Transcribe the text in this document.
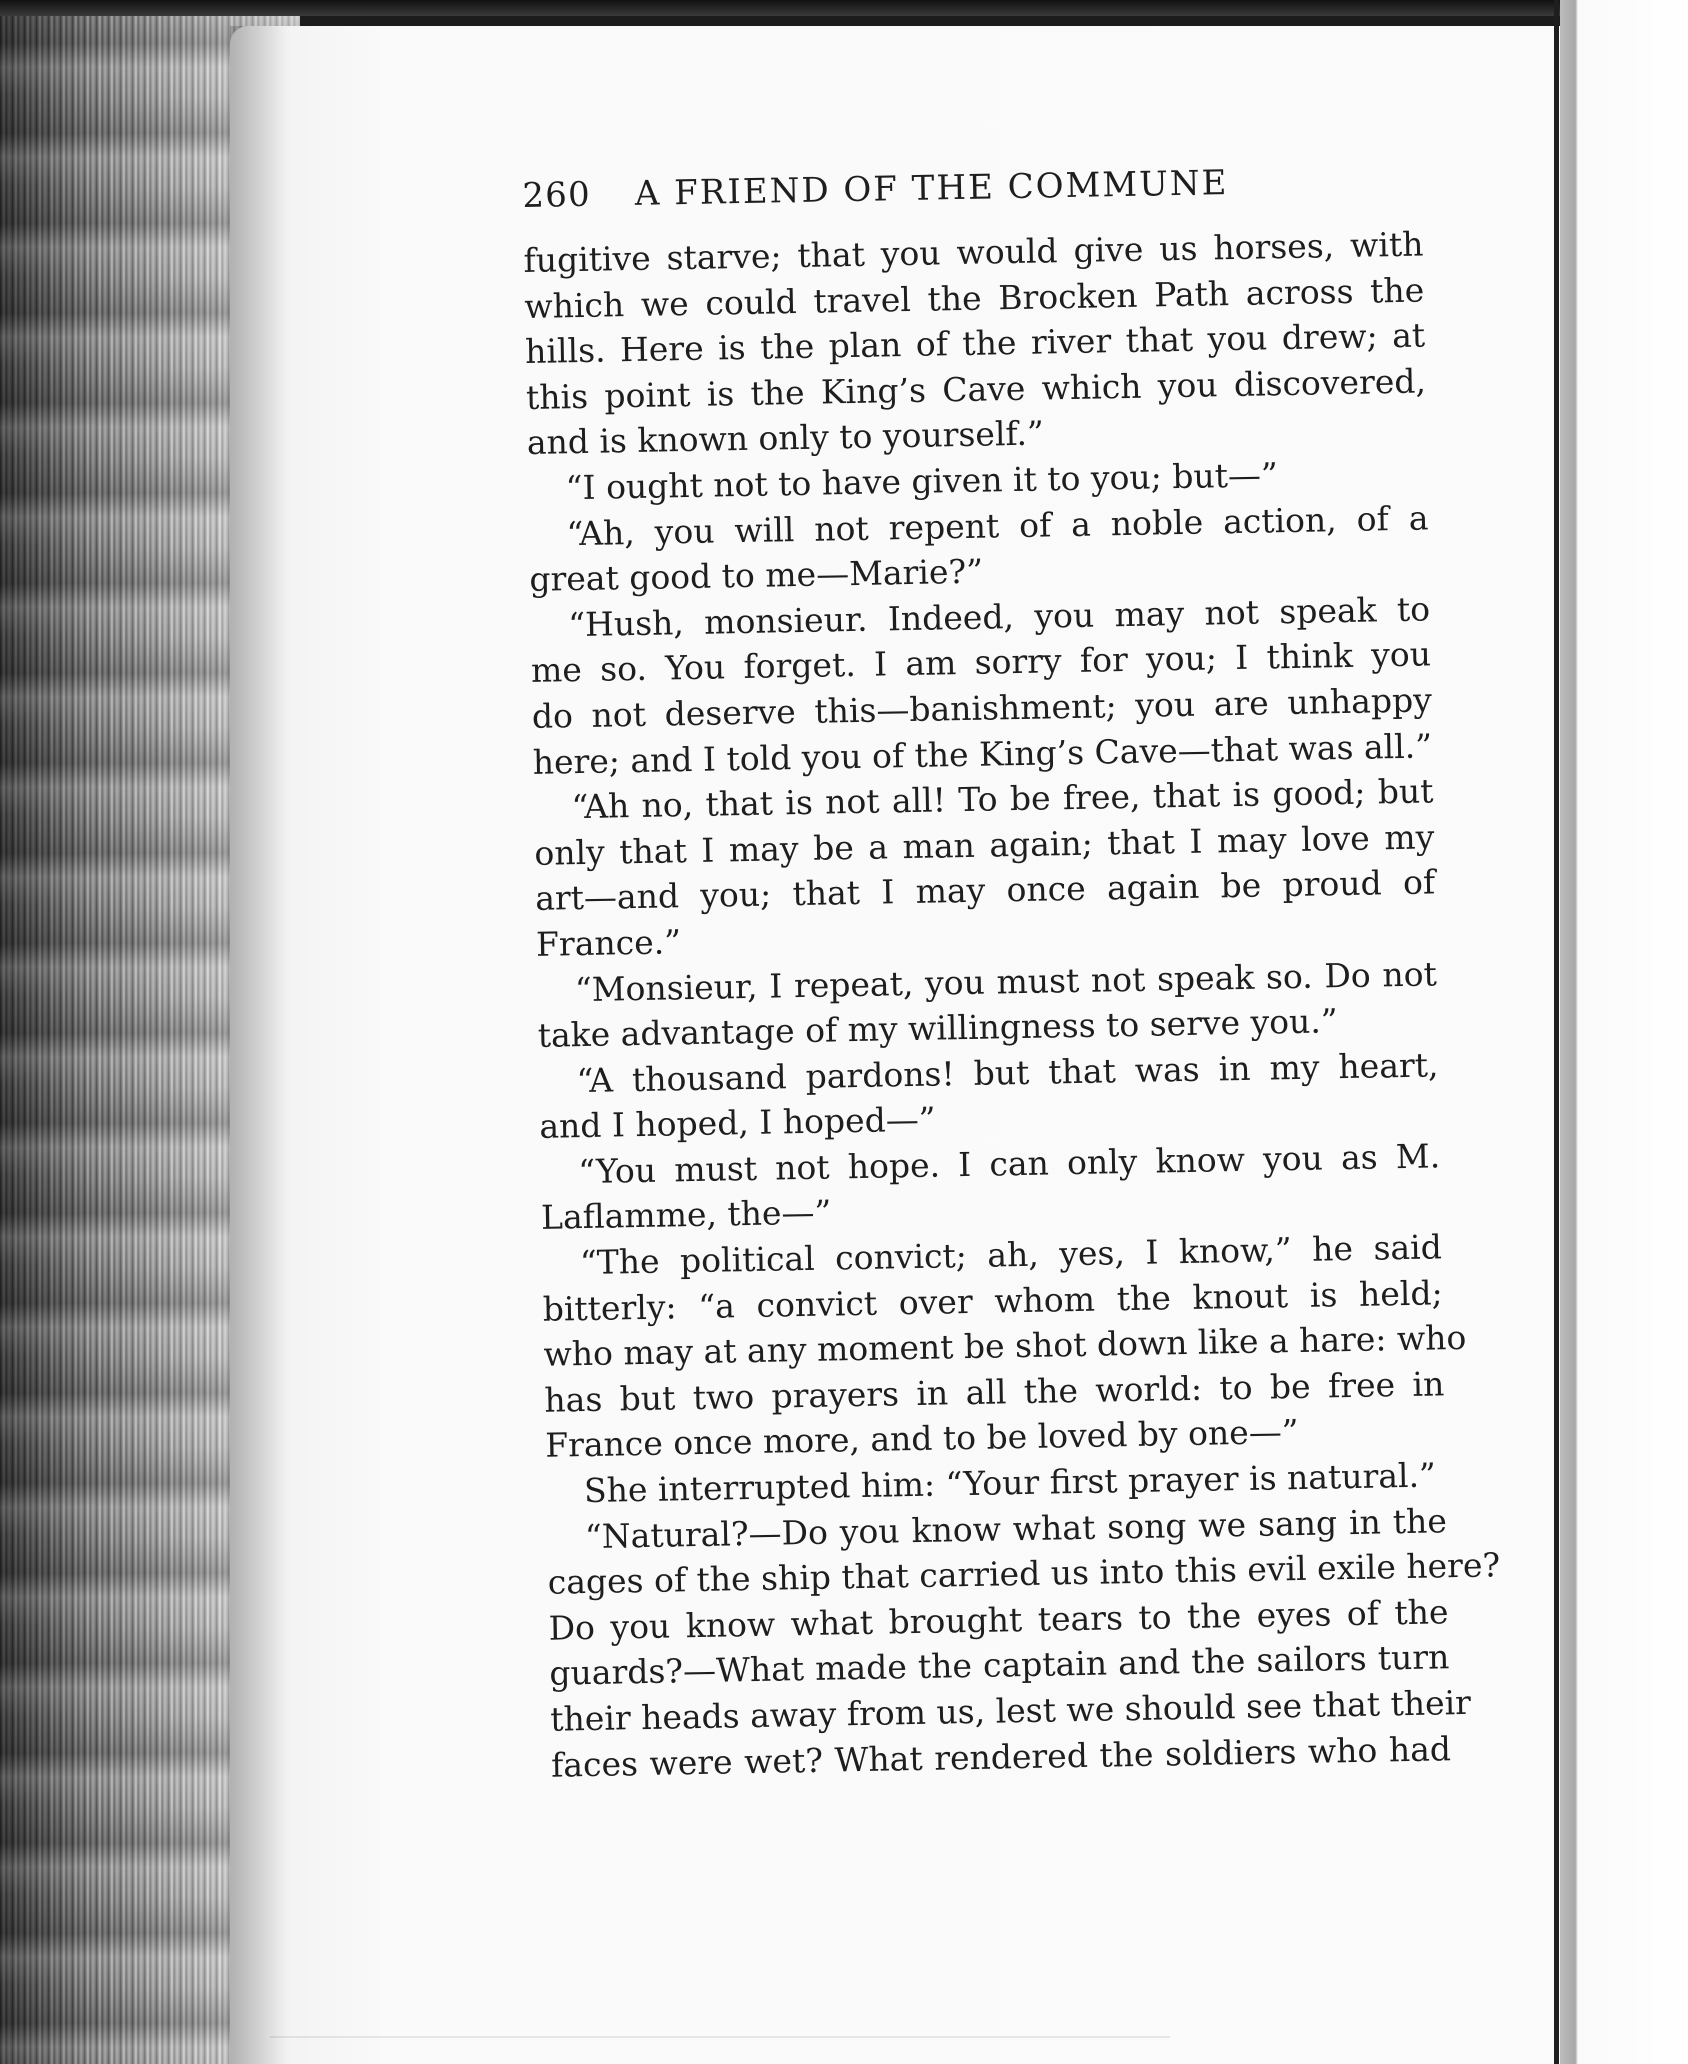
260 A FRIEND OF THE COMMUNE
fugitive starve; that you would give us horses, with
which we could travel the Brocken Path across the
hills. Here is the plan of the river that you drew; at
this point is the King’s Cave which you discovered,
and is known only to yourself.”
“I ought not to have given it to you; but—”
“Ah, you will not repent of a noble action, of a
great good to me—Marie?”
“Hush, monsieur. Indeed, you may not speak to
me so. You forget. I am sorry for you; I think you
do not deserve this—banishment; you are unhappy
here; and I told you of the King’s Cave—that was all.”
“Ah no, that is not all! To be free, that is good; but
only that I may be a man again; that I may love my
art—and you; that I may once again be proud of
France.”
“Monsieur, I repeat, you must not speak so. Do not
take advantage of my willingness to serve you.”
“A thousand pardons! but that was in my heart,
and I hoped, I hoped—”
“You must not hope. I can only know you as M.
Laflamme, the—”
“The political convict; ah, yes, I know,” he said
bitterly: “a convict over whom the knout is held;
who may at any moment be shot down like a hare: who
has but two prayers in all the world: to be free in
France once more, and to be loved by one—”
She interrupted him: “Your first prayer is natural.”
“Natural?—Do you know what song we sang in the
cages of the ship that carried us into this evil exile here?
Do you know what brought tears to the eyes of the
guards?—What made the captain and the sailors turn
their heads away from us, lest we should see that their
faces were wet? What rendered the soldiers who had
